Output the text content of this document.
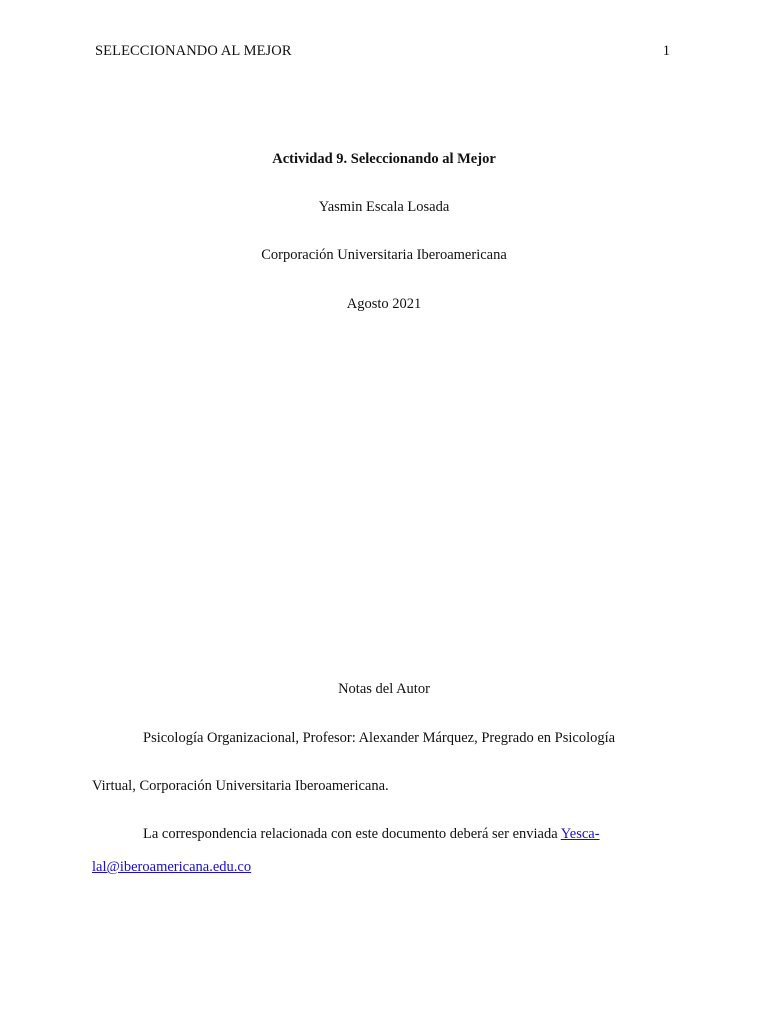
SELECCIONANDO AL MEJOR	1
Actividad 9. Seleccionando al Mejor
Yasmin Escala Losada
Corporación Universitaria Iberoamericana
Agosto 2021
Notas del Autor
Psicología Organizacional, Profesor: Alexander Márquez, Pregrado en Psicología
Virtual, Corporación Universitaria Iberoamericana.
La correspondencia relacionada con este documento deberá ser enviada Yesca-
lal@iberoamericana.edu.co
